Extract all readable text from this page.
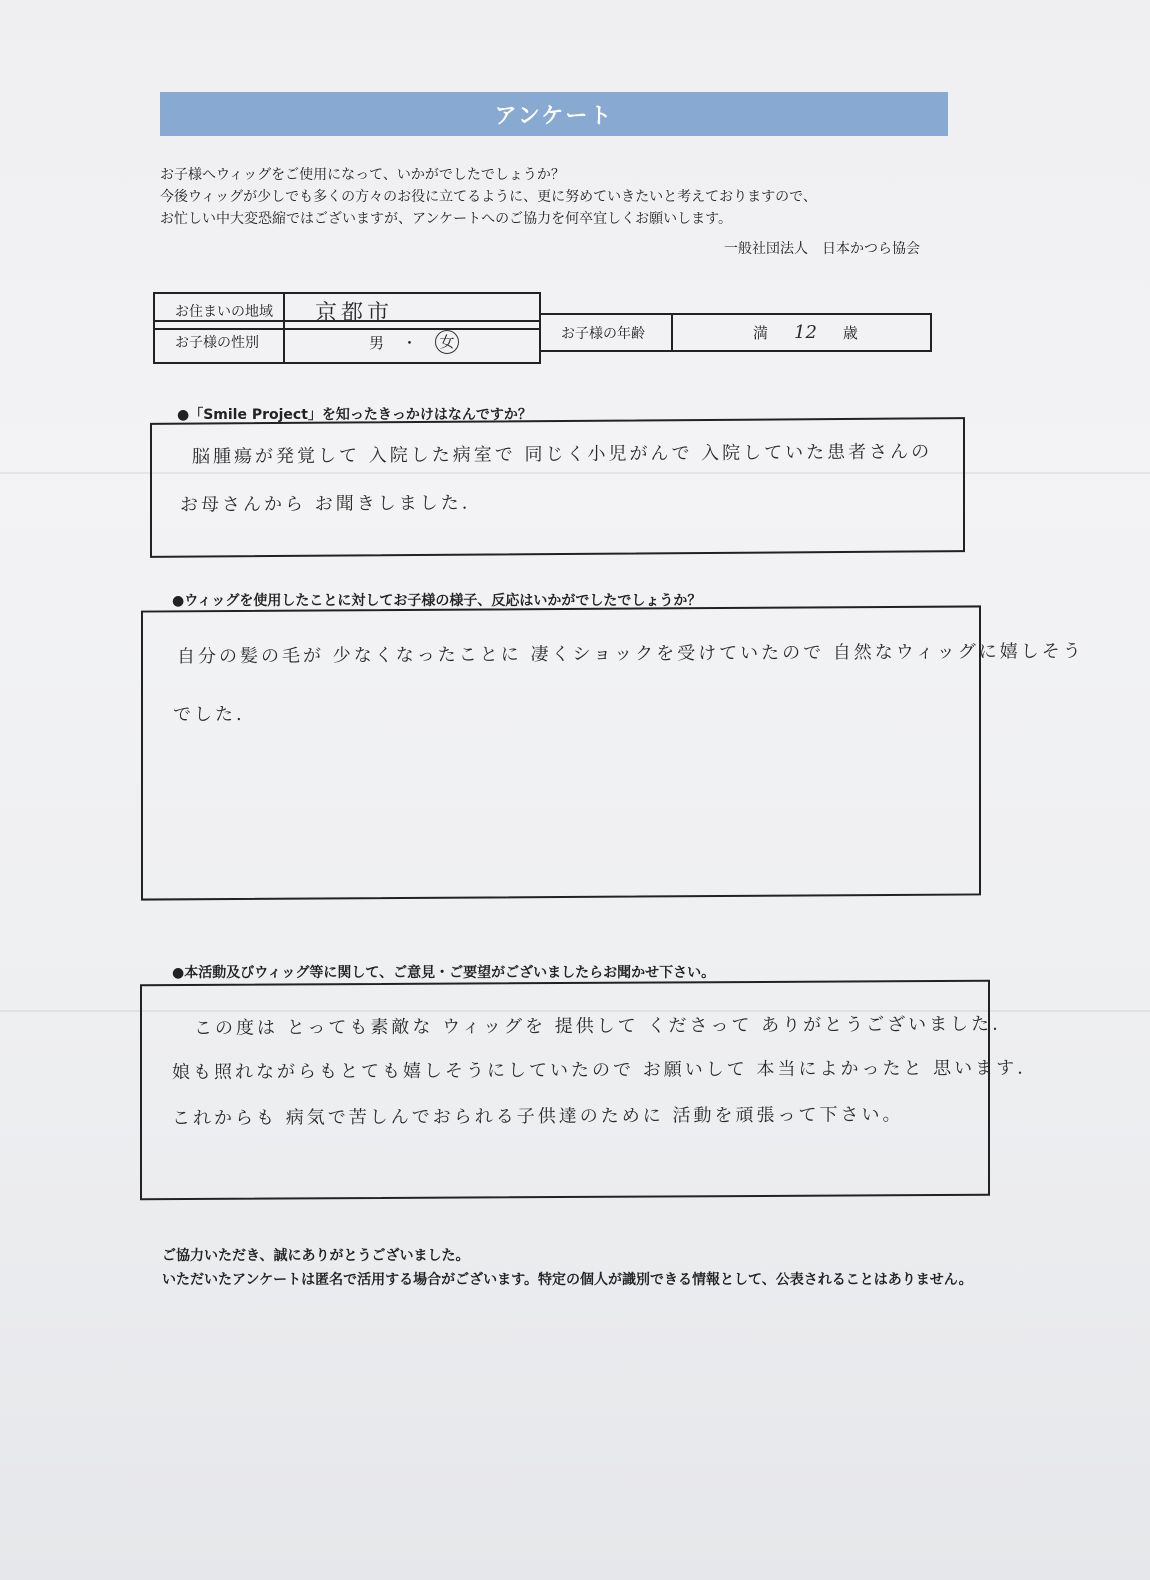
アンケート
お子様へウィッグをご使用になって、いかがでしたでしょうか？
今後ウィッグが少しでも多くの方々のお役に立てるように、更に努めていきたいと考えておりますので、
お忙しい中大変恐縮ではございますが、アンケートへのご協力を何卒宜しくお願いします。
一般社団法人　日本かつら協会
お住まいの地域	京都市
お子様の性別	男 ・ 女	お子様の年齢	満 12 歳
●「Smile Project」を知ったきっかけはなんですか？
脳腫瘍が発覚して 入院した病室で 同じく小児がんで 入院していた患者さんの
お母さんから お聞きしました.
●ウィッグを使用したことに対してお子様の様子、反応はいかがでしたでしょうか？
自分の髪の毛が 少なくなったことに 凄くショックを受けていたので 自然なウィッグに嬉しそう
でした.
●本活動及びウィッグ等に関して、ご意見・ご要望がございましたらお聞かせ下さい。
この度は とっても素敵な ウィッグを 提供して くださって ありがとうございました.
娘も照れながらもとても嬉しそうにしていたので お願いして 本当によかったと 思います.
これからも 病気で苦しんでおられる子供達のために 活動を頑張って下さい。
ご協力いただき、誠にありがとうございました。
いただいたアンケートは匿名で活用する場合がございます。特定の個人が識別できる情報として、公表されることはありません。
